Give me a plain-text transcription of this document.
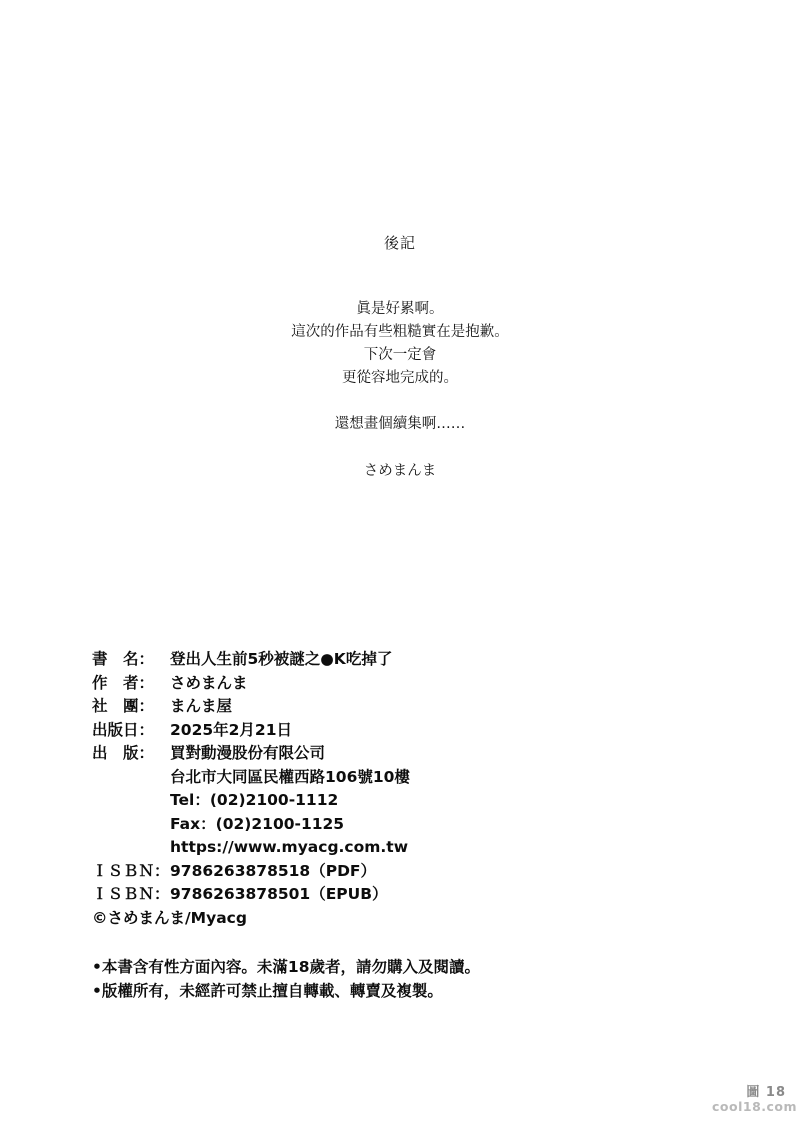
後記
眞是好累啊。
這次的作品有些粗糙實在是抱歉。
下次一定會
更從容地完成的。
還想畫個續集啊……
さめまんま
書　名： 登出人生前5秒被謎之●K吃掉了
作　者： さめまんま
社　團： まんま屋
出版日： 2025年2月21日
出　版： 買對動漫股份有限公司
台北市大同區民權西路106號10樓
Tel：(02)2100-1112
Fax：(02)2100-1125
https://www.myacg.com.tw
ＩＳＢＮ：9786263878518（PDF）
ＩＳＢＮ：9786263878501（EPUB）
©さめまんま/Myacg
•本書含有性方面內容。未滿18歲者，請勿購入及閱讀。
•版權所有，未經許可禁止擅自轉載、轉賣及複製。
圖 18
cool18.com
